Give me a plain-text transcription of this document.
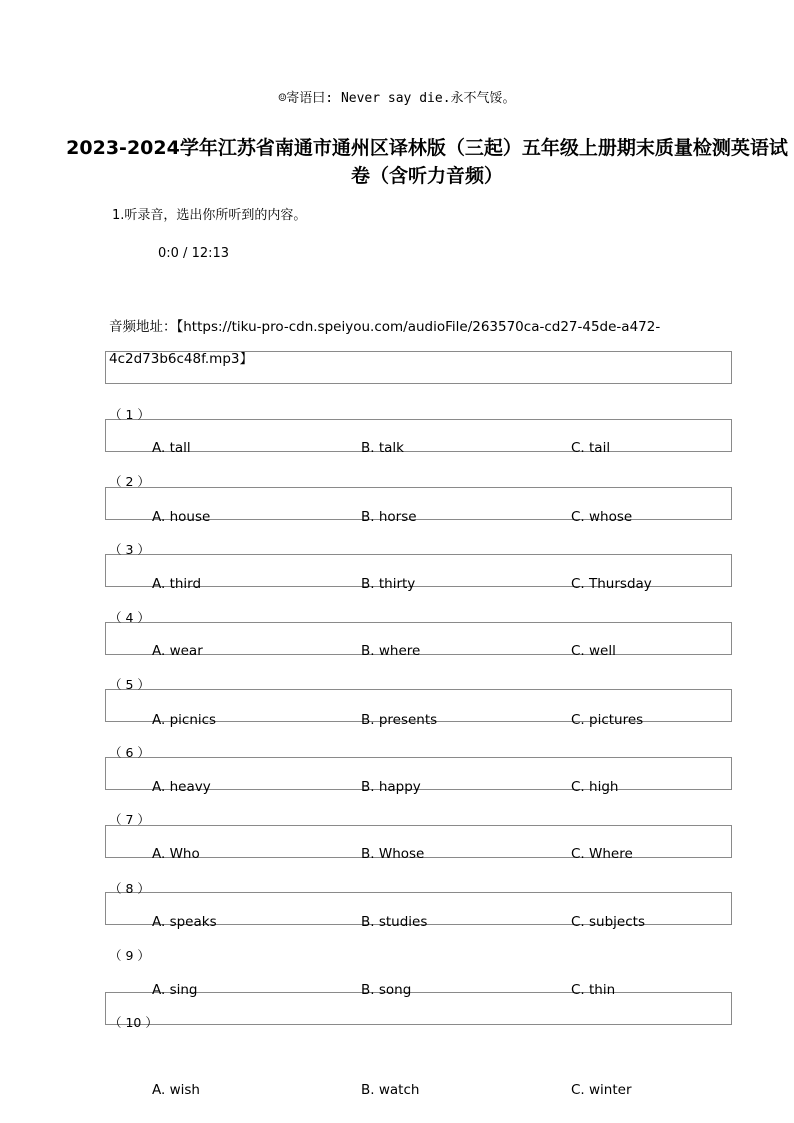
☺寄语曰: Never say die.永不气馁。
2023-2024学年江苏省南通市通州区译林版（三起）五年级上册期末质量检测英语试卷（含听力音频）
1.听录音，选出你所听到的内容。
0:0 / 12:13
音频地址：【https://tiku-pro-cdn.speiyou.com/audioFile/263570ca-cd27-45de-a472-4c2d73b6c48f.mp3】
（ 1 ）
A. tall	B. talk	C. tail
（ 2 ）
A. house	B. horse	C. whose
（ 3 ）
A. third	B. thirty	C. Thursday
（ 4 ）
A. wear	B. where	C. well
（ 5 ）
A. picnics	B. presents	C. pictures
（ 6 ）
A. heavy	B. happy	C. high
（ 7 ）
A. Who	B. Whose	C. Where
（ 8 ）
A. speaks	B. studies	C. subjects
（ 9 ）
A. sing	B. song	C. thin
（ 10 ）
A. wish	B. watch	C. winter
